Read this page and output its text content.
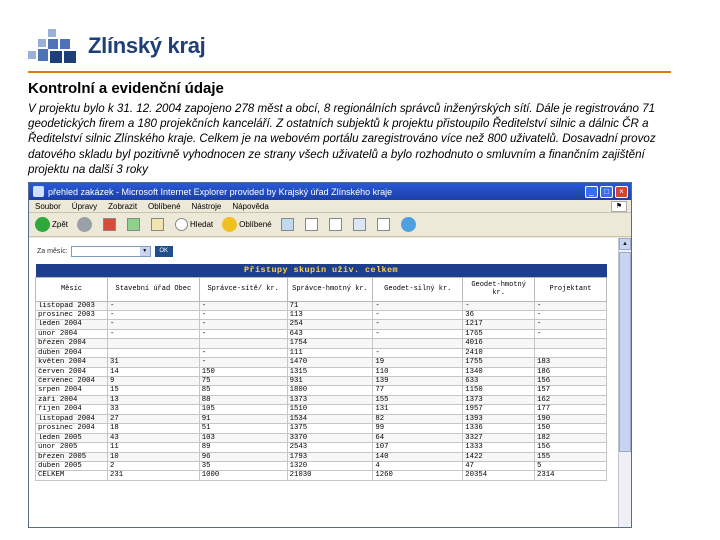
Zlínský kraj
Kontrolní a evidenční údaje
V projektu bylo k 31. 12. 2004 zapojeno 278 měst a obcí, 8 regionálních správců inženýrských sítí. Dále je registrováno 71 geodetických firem a 180 projekčních kanceláří. Z ostatních subjektů k projektu přistoupilo Ředitelství silnic a dálnic ČR a Ředitelství silnic Zlínského kraje. Celkem je na webovém portálu zaregistrováno více než 800 uživatelů. Dosavadní provoz datového skladu byl pozitivně vyhodnocen ze strany všech uživatelů a bylo rozhodnuto o smluvním a finančním zajištění projektu na další 3 roky
přehled zakázek - Microsoft Internet Explorer provided by Krajský úřad Zlínského kraje	_	□	×
Soubor Úpravy Zobrazit Oblíbené Nástroje Nápověda	⚑
Zpět	Hledat	Oblíbené
Za měsíc:	▼	OK
Přístupy skupin uživ. celkem						
Měsíc	Stavební úřad Obec	Správce-sítě/ kr.	Správce-hmotný kr.	Geodet-silný kr.	Geodet-hmotný kr.	Projektant
listopad 2003	-	-	71	-	-	-
prosinec 2003	-	-	113	-	36	-
leden 2004	-	-	254	-	1217	-
únor 2004	-	-	643	-	1765	-
březen 2004			1754		4016	
duben 2004		-	111	-	2410	
květen 2004	31	-	1470	19	1755	183
červen 2004	14	150	1315	110	1340	186
červenec 2004	9	75	931	139	633	156
srpen 2004	15	85	1800	77	1150	157
září 2004	13	88	1373	155	1373	162
říjen 2004	33	105	1510	131	1957	177
listopad 2004	27	91	1534	82	1393	190
prosinec 2004	18	51	1375	99	1336	150
leden 2005	43	103	3370	64	3327	182
únor 2005	11	89	2543	107	1333	156
březen 2005	10	96	1793	140	1422	155
duben 2005	2	35	1320	4	47	5
CELKEM	231	1000	21030	1260	20354	2314
▲
